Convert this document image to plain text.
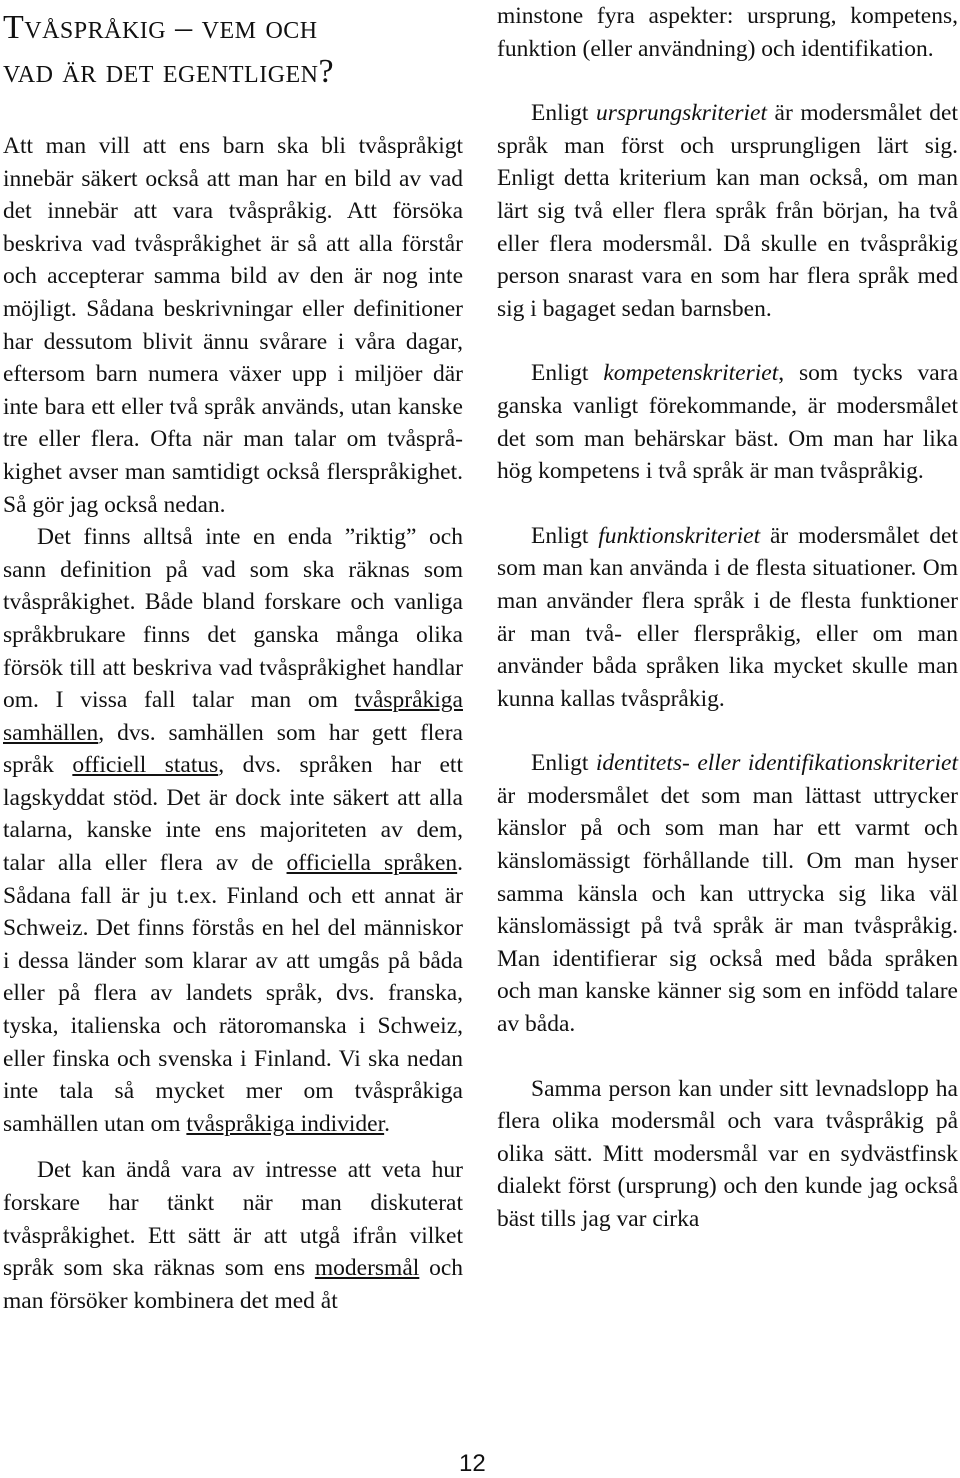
Tvåspråkig – vem och
vad är det egentligen?

Att man vill att ens barn ska bli tvåspråkigt innebär säkert också att man har en bild av vad det innebär att vara tvåspråkig. Att försöka beskriva vad tvåspråkighet är så att alla förstår och accepterar samma bild av den är nog inte möjligt. Sådana beskrivningar eller definitioner har dessutom blivit ännu svårare i våra dagar, eftersom barn numera växer upp i miljöer där inte bara ett eller två språk används, utan kanske tre eller flera. Ofta när man talar om tvåspråkighet avser man samtidigt också flerspråkighet. Så gör jag också nedan.

Det finns alltså inte en enda ”riktig” och sann definition på vad som ska räknas som tvåspråkighet. Både bland forskare och vanliga språkbrukare finns det ganska många olika försök till att beskriva vad tvåspråkighet handlar om. I vissa fall talar man om tvåspråkiga samhällen, dvs. samhällen som har gett flera språk officiell status, dvs. språken har ett lagskyddat stöd. Det är dock inte säkert att alla talarna, kanske inte ens majoriteten av dem, talar alla eller flera av de officiella språken. Sådana fall är ju t.ex. Finland och ett annat är Schweiz. Det finns förstås en hel del människor i dessa länder som klarar av att umgås på båda eller på flera av landets språk, dvs. franska, tyska, italienska och rätoromanska i Schweiz, eller finska och svenska i Finland. Vi ska nedan inte tala så mycket mer om tvåspråkiga samhällen utan om tvåspråkiga individer.

Det kan ändå vara av intresse att veta hur forskare har tänkt när man diskuterat tvåspråkighet. Ett sätt är att utgå ifrån vilket språk som ska räknas som ens modersmål och man försöker kombinera det med åt

minstone fyra aspekter: ursprung, kompetens, funktion (eller användning) och identifikation.

Enligt ursprungskriteriet är modersmålet det språk man först och ursprungligen lärt sig. Enligt detta kriterium kan man också, om man lärt sig två eller flera språk från början, ha två eller flera modersmål. Då skulle en tvåspråkig person snarast vara en som har flera språk med sig i bagaget sedan barnsben.

Enligt kompetenskriteriet, som tycks vara ganska vanligt förekommande, är modersmålet det som man behärskar bäst. Om man har lika hög kompetens i två språk är man tvåspråkig.

Enligt funktionskriteriet är modersmålet det som man kan använda i de flesta situationer. Om man använder flera språk i de flesta funktioner är man två- eller flerspråkig, eller om man använder båda språken lika mycket skulle man kunna kallas tvåspråkig.

Enligt identitets- eller identifikationskriteriet är modersmålet det som man lättast uttrycker känslor på och som man har ett varmt och känslomässigt förhållande till. Om man hyser samma känsla och kan uttrycka sig lika väl känslomässigt på två språk är man tvåspråkig. Man identifierar sig också med båda språken och man kanske känner sig som en infödd talare av båda.

Samma person kan under sitt levnadslopp ha flera olika modersmål och vara tvåspråkig på olika sätt. Mitt modersmål var en sydvästfinsk dialekt först (ursprung) och den kunde jag också bäst tills jag var cirka

12
